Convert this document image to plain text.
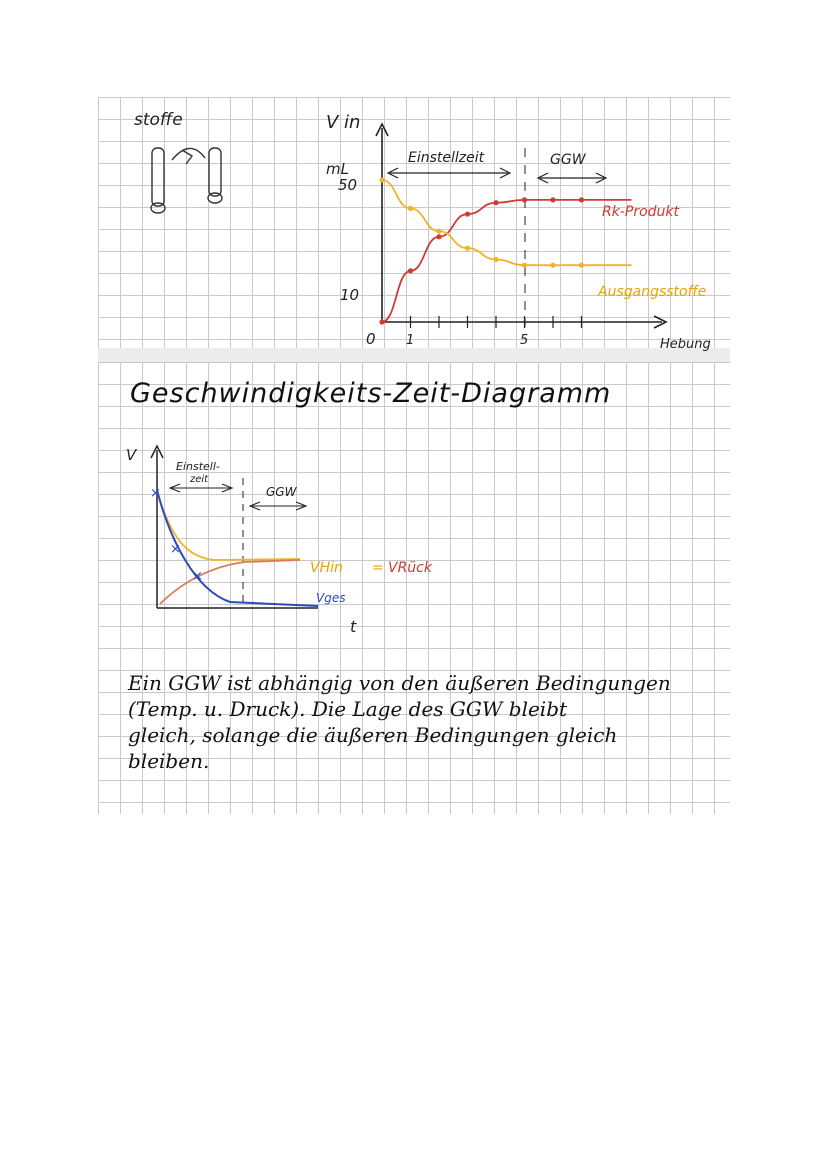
stoffe	V in
mL
50
10
0 1	5	Hebung
Einstellzeit	GGW
Rk-Produkt
Ausgangsstoffe
Geschwindigkeits-Zeit-Diagramm
V
Einstell-
zeit
GGW
×
×
×
VHin = VRück
Vges
t
Ein GGW ist abhängig von den äußeren Bedingungen
(Temp. u. Druck). Die Lage des GGW bleibt
gleich, solange die äußeren Bedingungen gleich
bleiben.
